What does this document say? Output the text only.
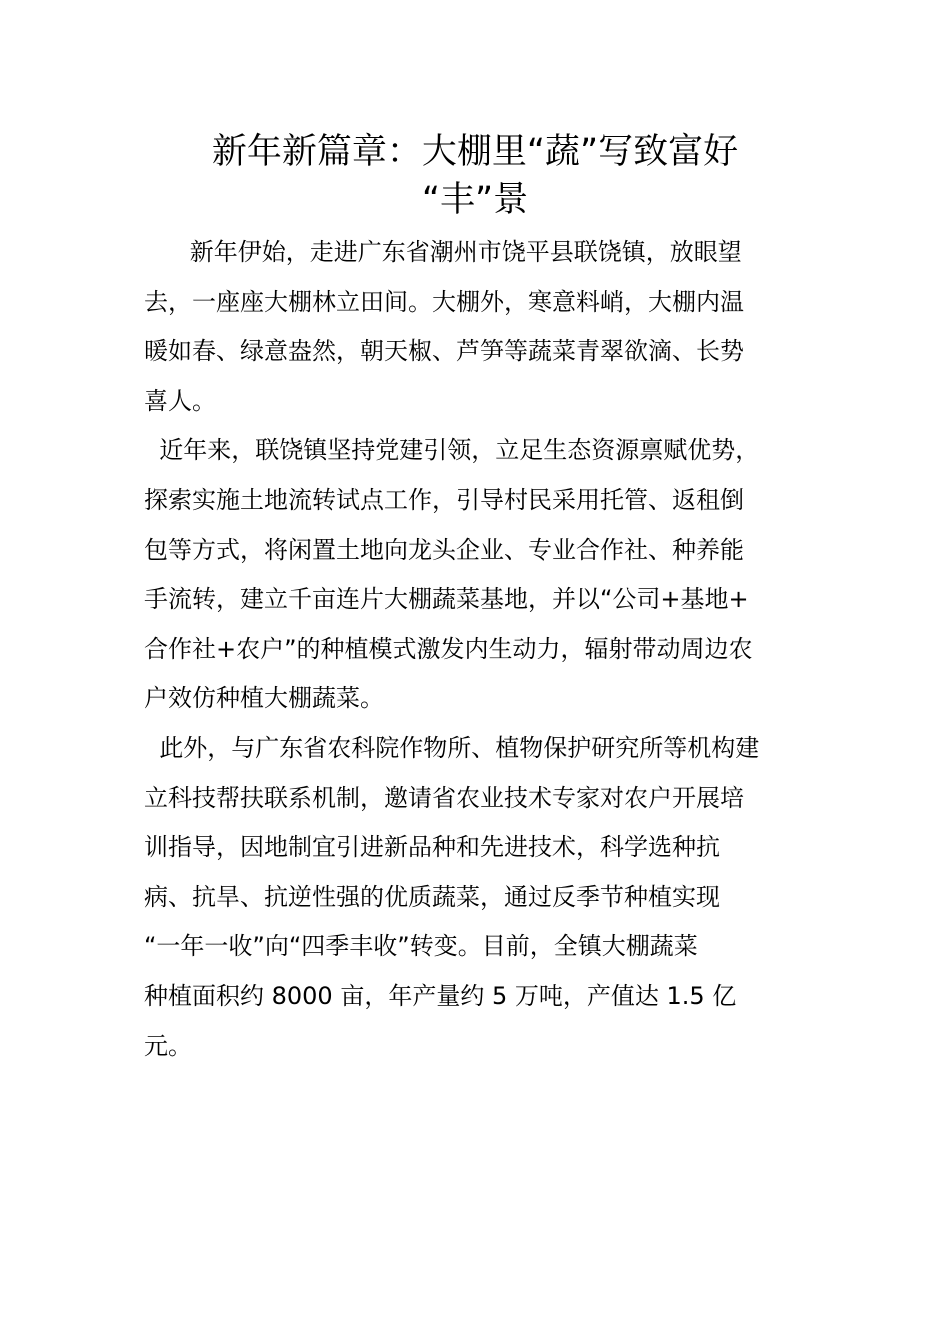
新年新篇章：大棚里“蔬”写致富好
“丰”景

新年伊始，走进广东省潮州市饶平县联饶镇，放眼望
去，一座座大棚林立田间。大棚外，寒意料峭，大棚内温
暖如春、绿意盎然，朝天椒、芦笋等蔬菜青翠欲滴、长势
喜人。

近年来，联饶镇坚持党建引领，立足生态资源禀赋优势，
探索实施土地流转试点工作，引导村民采用托管、返租倒
包等方式，将闲置土地向龙头企业、专业合作社、种养能
手流转，建立千亩连片大棚蔬菜基地，并以“公司+基地+
合作社+农户”的种植模式激发内生动力，辐射带动周边农
户效仿种植大棚蔬菜。

此外，与广东省农科院作物所、植物保护研究所等机构建
立科技帮扶联系机制，邀请省农业技术专家对农户开展培
训指导，因地制宜引进新品种和先进技术，科学选种抗
病、抗旱、抗逆性强的优质蔬菜，通过反季节种植实现
“一年一收”向“四季丰收”转变。目前，全镇大棚蔬菜
种植面积约 8000 亩，年产量约 5 万吨，产值达 1.5 亿
元。
